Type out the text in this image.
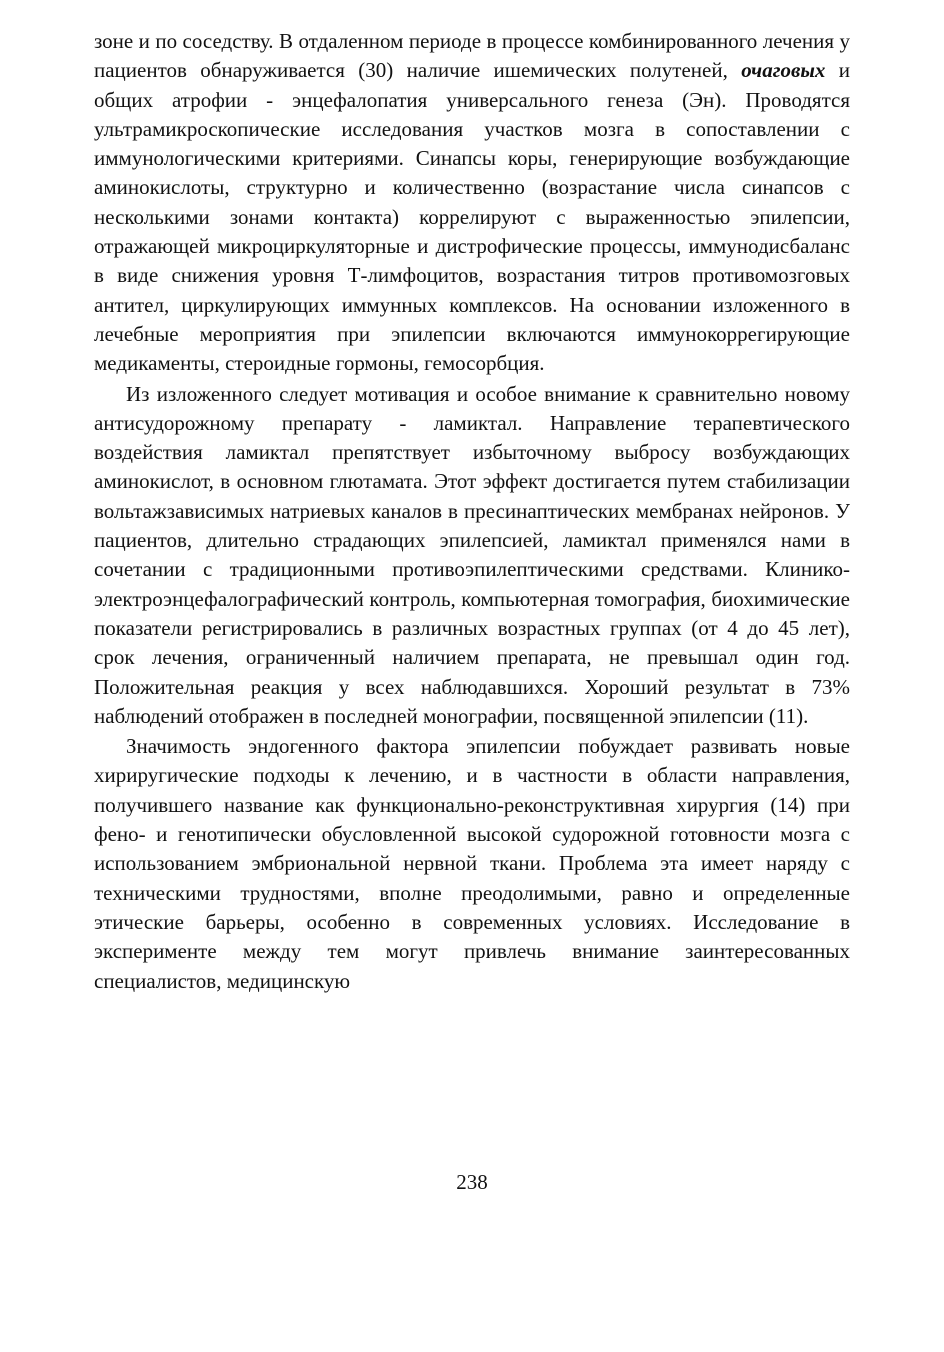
зоне и по соседству. В отдаленном периоде в процессе комбинированного лечения у пациентов обнаруживается (30) наличие ишемических полутеней, очаговых и общих атрофии - энцефалопатия универсального генеза (Эн). Проводятся ультрамикроскопические исследования участков мозга в сопоставлении с иммунологическими критериями. Синапсы коры, генерирующие возбуждающие аминокислоты, структурно и количественно (возрастание числа синапсов с несколькими зонами контакта) коррелируют с выраженностью эпилепсии, отражающей микроциркуляторные и дистрофические процессы, иммунодисбаланс в виде снижения уровня Т-лимфоцитов, возрастания титров противомозговых антител, циркулирующих иммунных комплексов. На основании изложенного в лечебные мероприятия при эпилепсии включаются иммунокоррегирующие медикаменты, стероидные гормоны, гемосорбция.

Из изложенного следует мотивация и особое внимание к сравнительно новому антисудорожному препарату - ламиктал. Направление терапевтического воздействия ламиктал препятствует избыточному выбросу возбуждающих аминокислот, в основном глютамата. Этот эффект достигается путем стабилизации вольтажзависимых натриевых каналов в пресинаптических мембранах нейронов. У пациентов, длительно страдающих эпилепсией, ламиктал применялся нами в сочетании с традиционными противоэпилептическими средствами. Клинико-электроэнцефалографический контроль, компьютерная томография, биохимические показатели регистрировались в различных возрастных группах (от 4 до 45 лет), срок лечения, ограниченный наличием препарата, не превышал один год. Положительная реакция у всех наблюдавшихся. Хороший результат в 73% наблюдений отображен в последней монографии, посвященной эпилепсии (11).

Значимость эндогенного фактора эпилепсии побуждает развивать новые хириругические подходы к лечению, и в частности в области направления, получившего название как функционально-реконструктивная хирургия (14) при фено- и генотипически обусловленной высокой судорожной готовности мозга с использованием эмбриональной нервной ткани. Проблема эта имеет наряду с техническими трудностями, вполне преодолимыми, равно и определенные этические барьеры, особенно в современных условиях. Исследование в эксперименте между тем могут привлечь внимание заинтересованных специалистов, медицинскую

238
